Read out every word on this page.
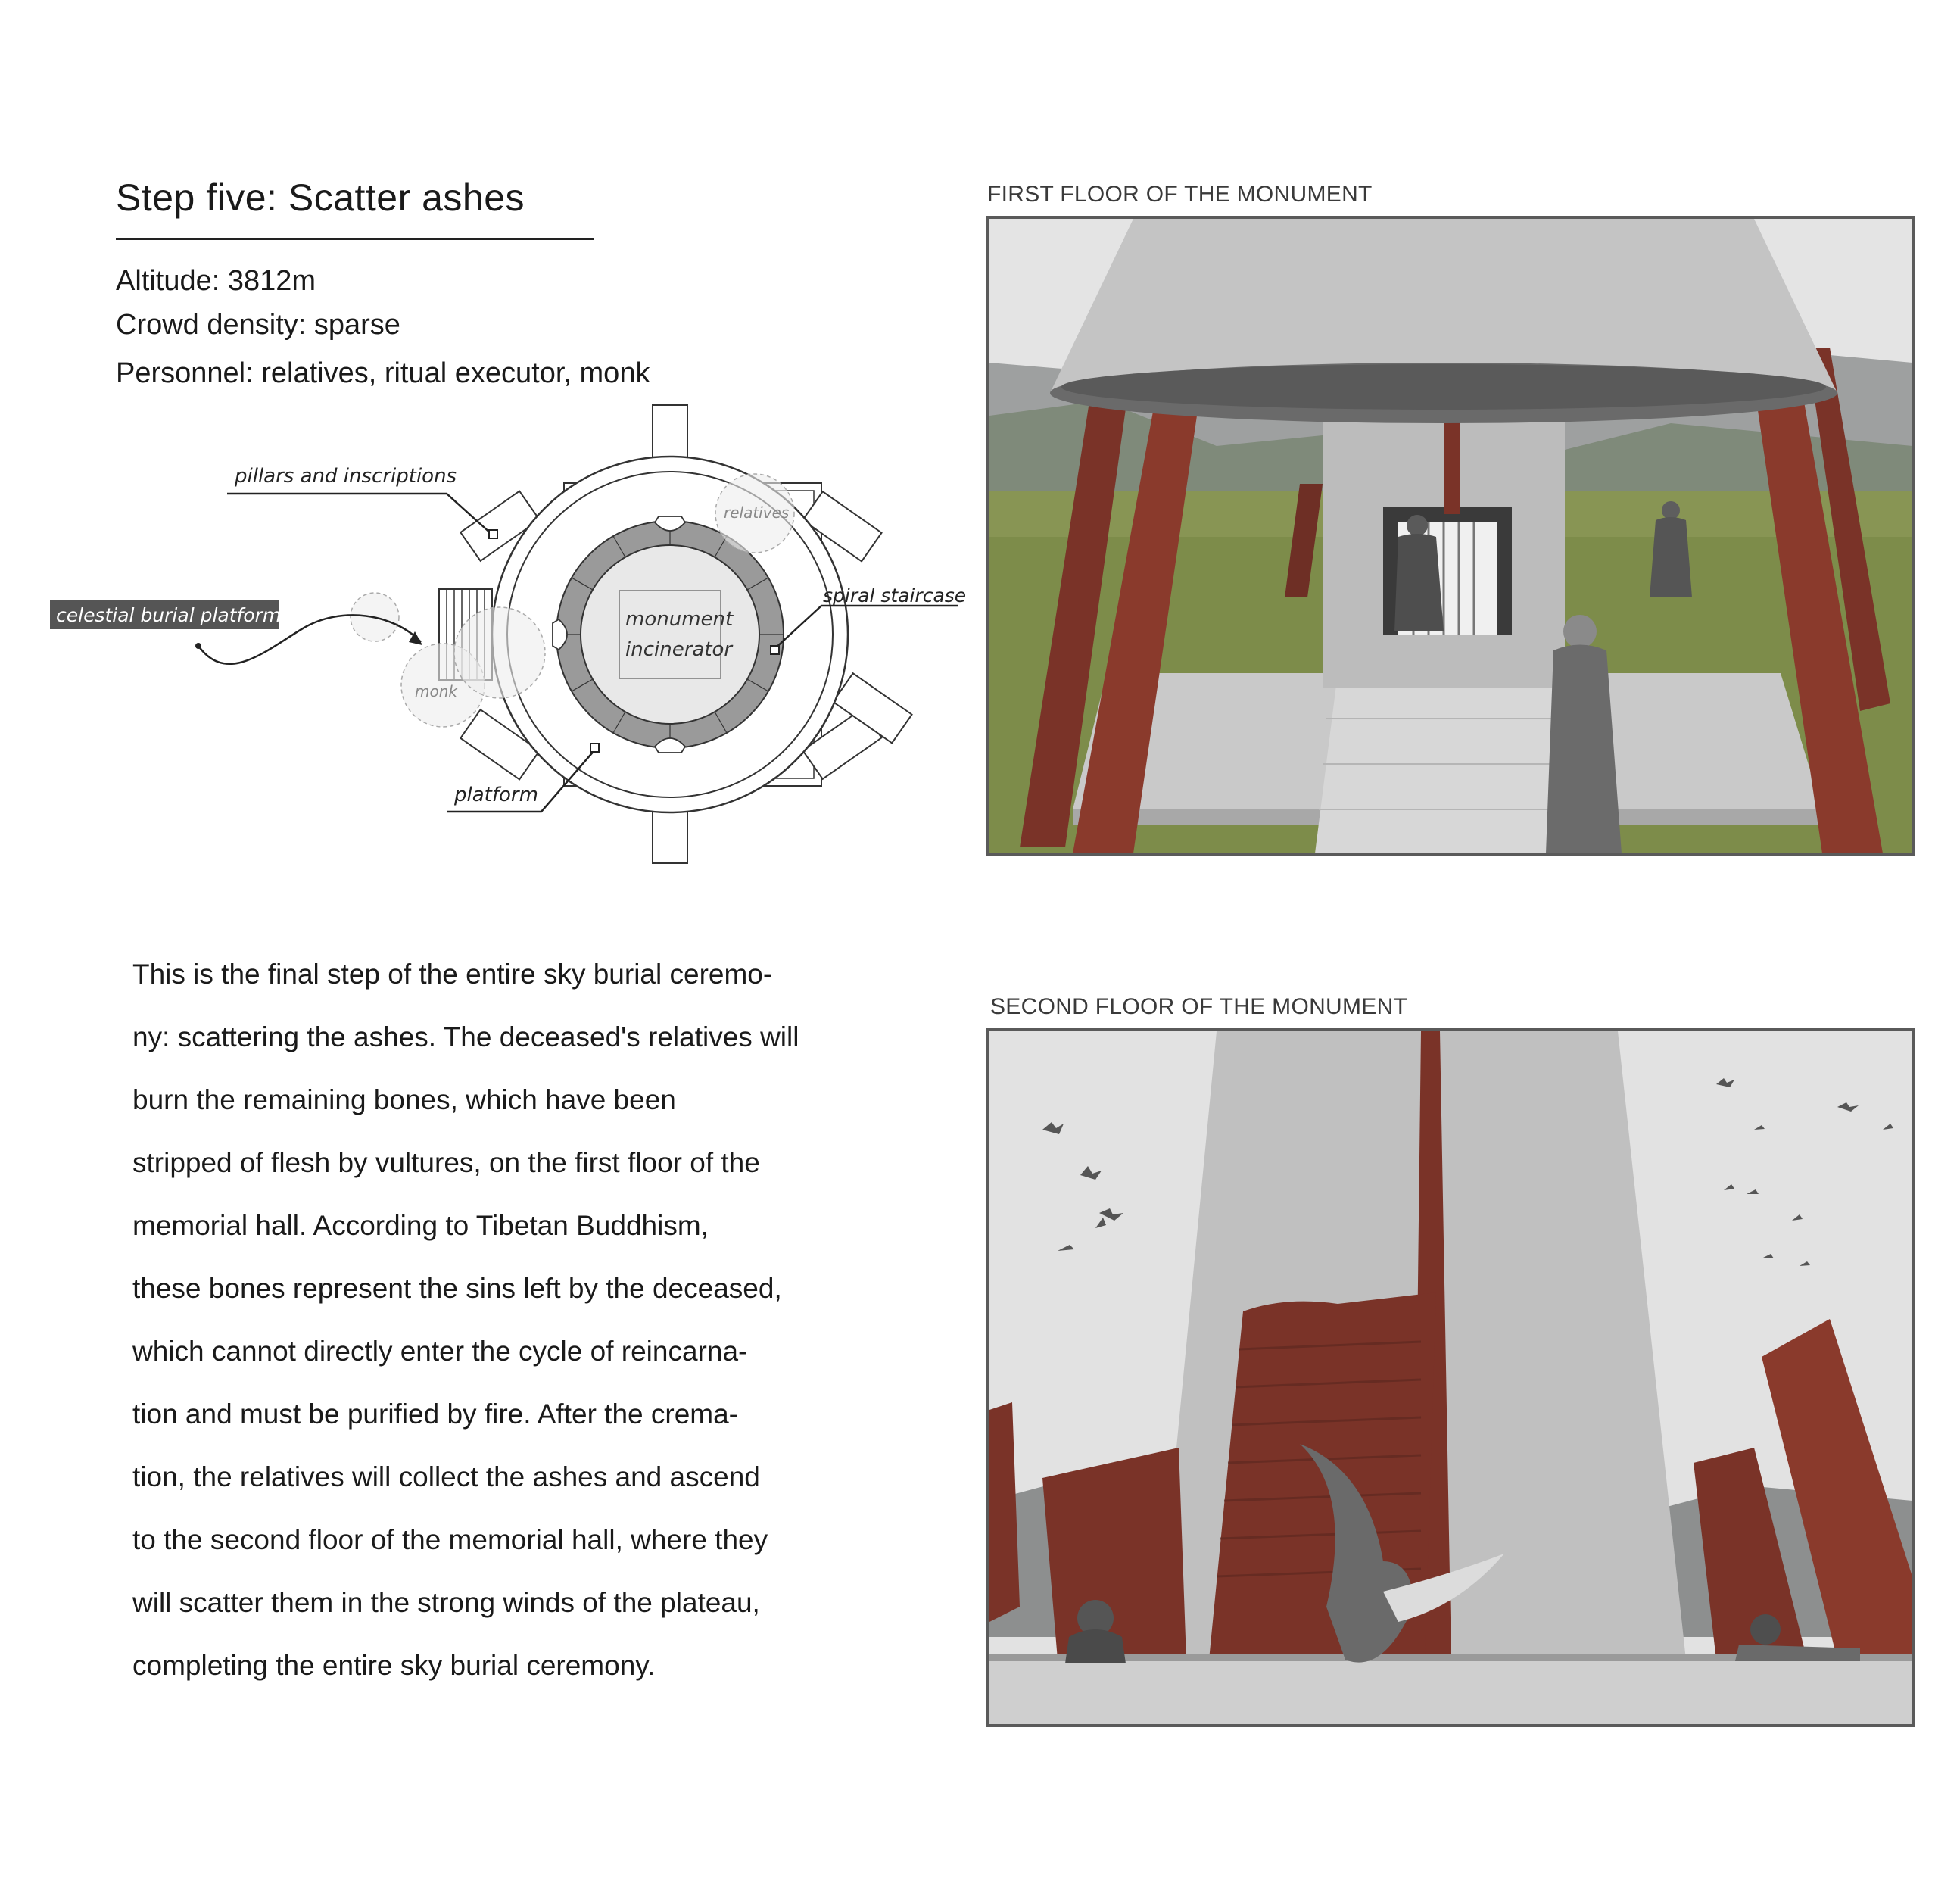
Step five: Scatter ashes
Altitude: 3812m
Crowd density: sparse
Personnel: relatives, ritual executor, monk
pillars and inscriptions
relatives
celestial burial platform
spiral staircase
monument
incinerator
monk
platform
This is the final step of the entire sky burial ceremo-
ny: scattering the ashes. The deceased's relatives will
burn the remaining bones, which have been
stripped of flesh by vultures, on the first floor of the
memorial hall. According to Tibetan Buddhism,
these bones represent the sins left by the deceased,
which cannot directly enter the cycle of reincarna-
tion and must be purified by fire. After the crema-
tion, the relatives will collect the ashes and ascend
to the second floor of the memorial hall, where they
will scatter them in the strong winds of the plateau,
completing the entire sky burial ceremony.
FIRST FLOOR OF THE MONUMENT
SECOND FLOOR OF THE MONUMENT
